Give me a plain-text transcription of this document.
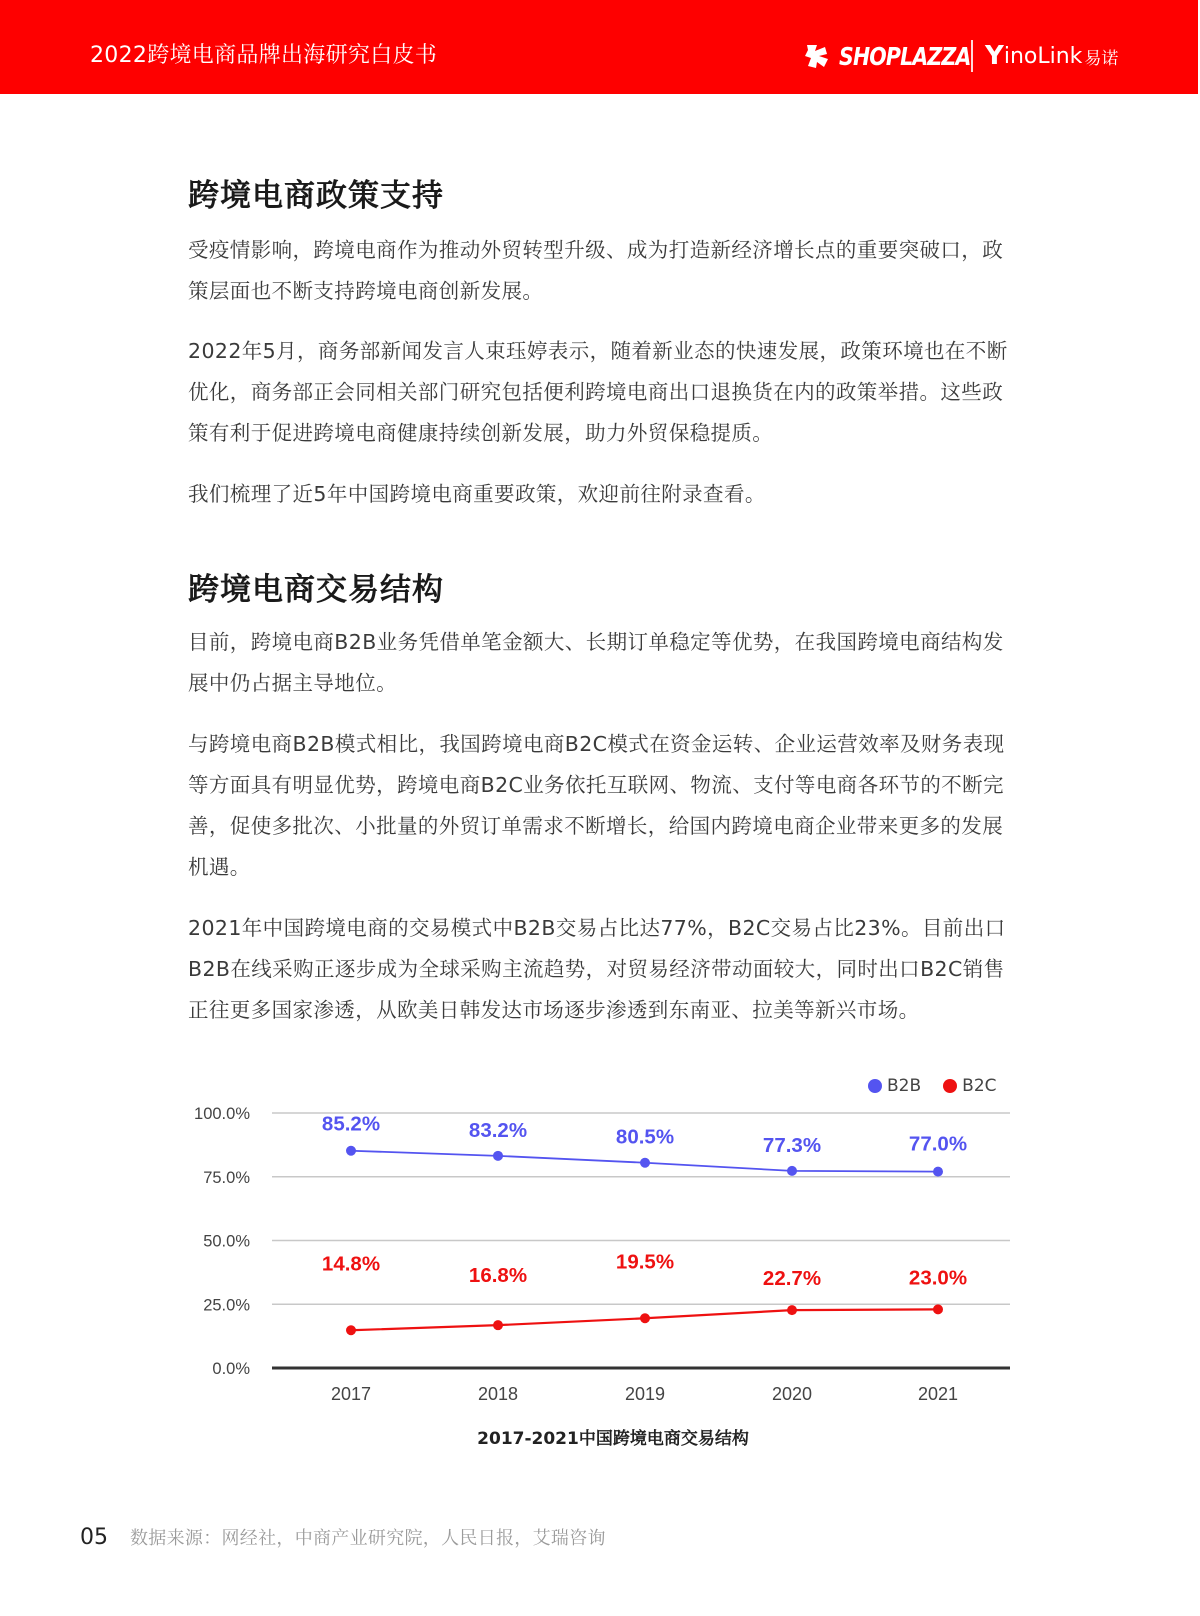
2022跨境电商品牌出海研究白皮书	SHOPLAZZA Y inoLink 易诺
跨境电商政策支持

受疫情影响，跨境电商作为推动外贸转型升级、成为打造新经济增长点的重要突破口，政策层面也不断支持跨境电商创新发展。

2022年5月，商务部新闻发言人束珏婷表示，随着新业态的快速发展，政策环境也在不断优化，商务部正会同相关部门研究包括便利跨境电商出口退换货在内的政策举措。这些政策有利于促进跨境电商健康持续创新发展，助力外贸保稳提质。

我们梳理了近5年中国跨境电商重要政策，欢迎前往附录查看。

跨境电商交易结构

目前，跨境电商B2B业务凭借单笔金额大、长期订单稳定等优势，在我国跨境电商结构发展中仍占据主导地位。

与跨境电商B2B模式相比，我国跨境电商B2C模式在资金运转、企业运营效率及财务表现等方面具有明显优势，跨境电商B2C业务依托互联网、物流、支付等电商各环节的不断完善，促使多批次、小批量的外贸订单需求不断增长，给国内跨境电商企业带来更多的发展机遇。

2021年中国跨境电商的交易模式中B2B交易占比达77%，B2C交易占比23%。目前出口B2B在线采购正逐步成为全球采购主流趋势，对贸易经济带动面较大，同时出口B2C销售正往更多国家渗透，从欧美日韩发达市场逐步渗透到东南亚、拉美等新兴市场。

B2B B2C
0.0%
25.0%
50.0%
75.0%
100.0%
2017	2018	2019	2020	2021
85.2%	83.2%	80.5%	77.3%	77.0%
14.8%
16.8%
19.5%
22.7%	23.0%
2017-2021中国跨境电商交易结构
05 数据来源：网经社，中商产业研究院，人民日报，艾瑞咨询
